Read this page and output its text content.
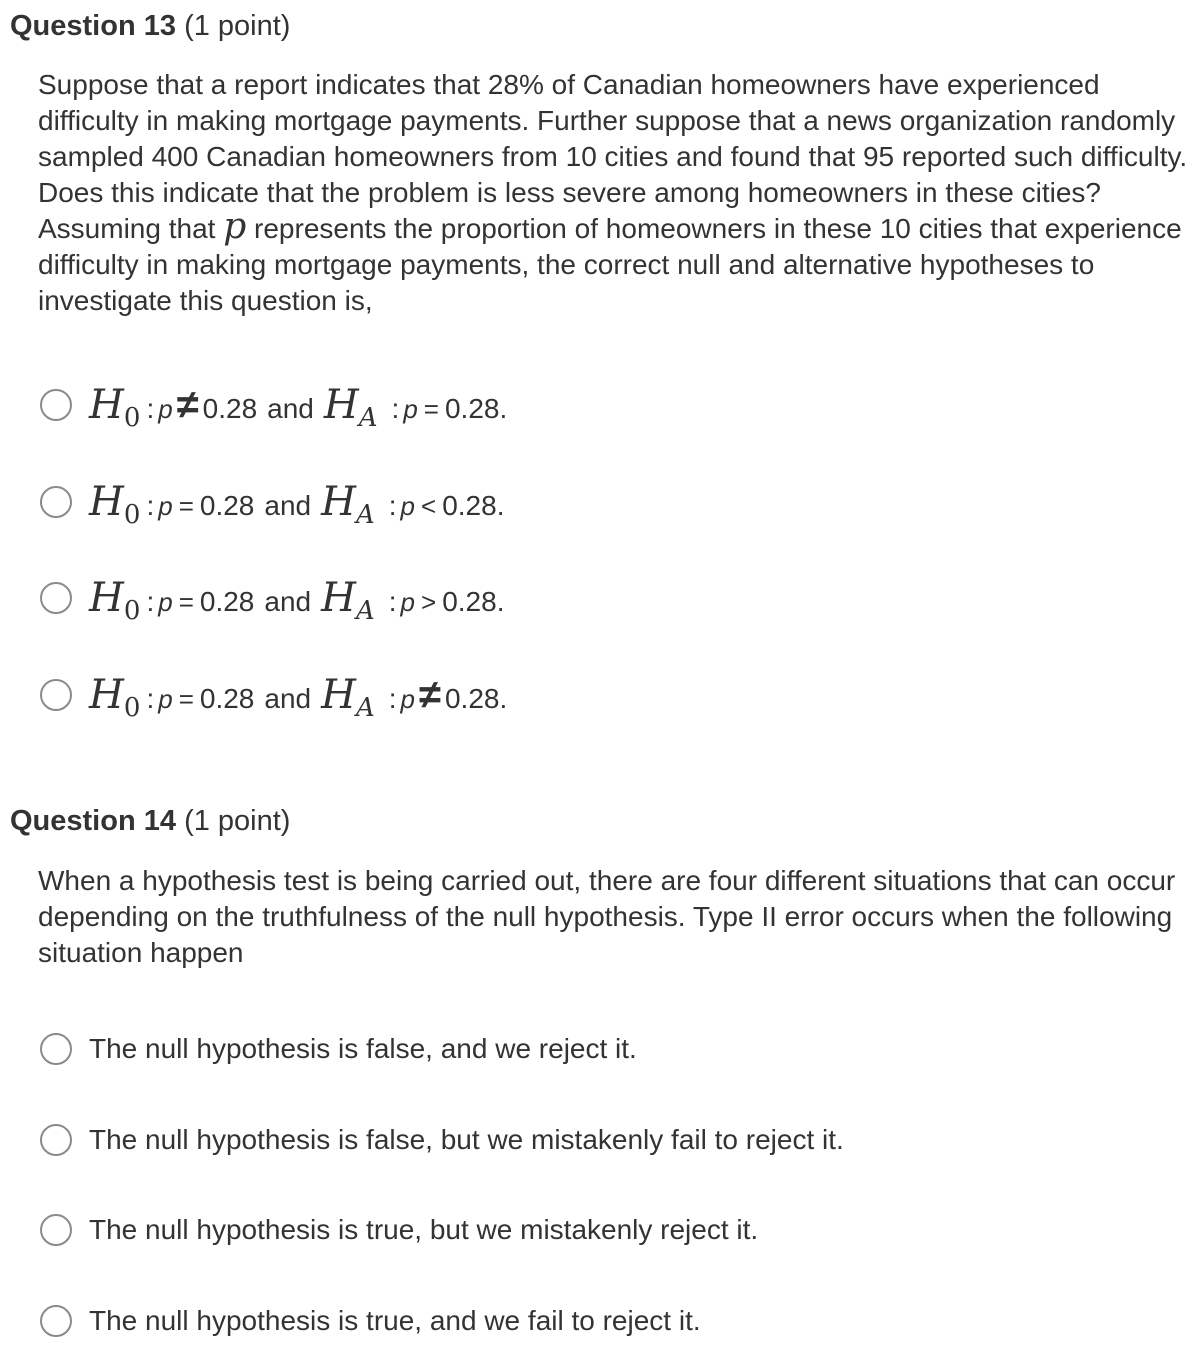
Question 13 (1 point)
Suppose that a report indicates that 28% of Canadian homeowners have experienced difficulty in making mortgage payments. Further suppose that a news organization randomly sampled 400 Canadian homeowners from 10 cities and found that 95 reported such difficulty. Does this indicate that the problem is less severe among homeowners in these cities? Assuming that p represents the proportion of homeowners in these 10 cities that experience difficulty in making mortgage payments, the correct null and alternative hypotheses to investigate this question is,
H 0 : p ≠ 0.28 and H A : p = 0.28.
H 0 : p = 0.28 and H A : p < 0.28.
H 0 : p = 0.28 and H A : p > 0.28.
H 0 : p = 0.28 and H A : p ≠ 0.28.
Question 14 (1 point)
When a hypothesis test is being carried out, there are four different situations that can occur depending on the truthfulness of the null hypothesis. Type II error occurs when the following situation happen
The null hypothesis is false, and we reject it.
The null hypothesis is false, but we mistakenly fail to reject it.
The null hypothesis is true, but we mistakenly reject it.
The null hypothesis is true, and we fail to reject it.
